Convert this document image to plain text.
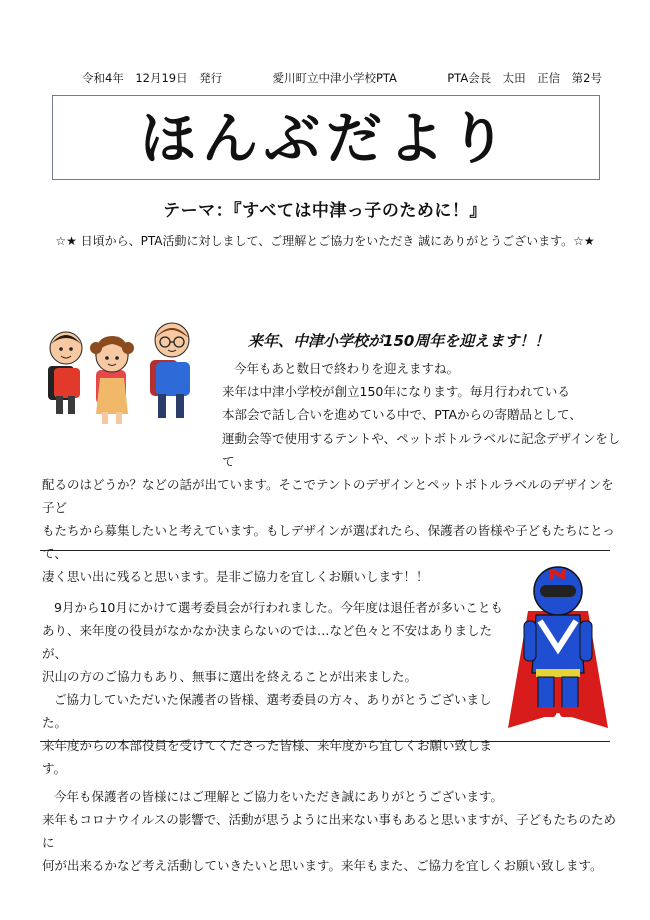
令和4年　12月19日　発行	愛川町立中津小学校PTA	PTA会長　太田　正信　第2号
ほんぶだより
テーマ：『すべては中津っ子のために！』
☆★ 日頃から、PTA活動に対しまして、ご理解とご協力をいただき 誠にありがとうございます。☆★
来年、中津小学校が150周年を迎えます！！
今年もあと数日で終わりを迎えますね。
来年は中津小学校が創立150年になります。毎月行われている
本部会で話し合いを進めている中で、PTAからの寄贈品として、
運動会等で使用するテントや、ペットボトルラベルに記念デザインをして
配るのはどうか？などの話が出ています。そこでテントのデザインとペットボトルラベルのデザインを子ど
もたちから募集したいと考えています。もしデザインが選ばれたら、保護者の皆様や子どもたちにとって、
凄く思い出に残ると思います。是非ご協力を宜しくお願いします！！
9月から10月にかけて選考委員会が行われました。今年度は退任者が多いことも
あり、来年度の役員がなかなか決まらないのでは…など色々と不安はありましたが、
沢山の方のご協力もあり、無事に選出を終えることが出来ました。
ご協力していただいた保護者の皆様、選考委員の方々、ありがとうございました。
来年度からの本部役員を受けてくださった皆様、来年度から宜しくお願い致します。
今年も保護者の皆様にはご理解とご協力をいただき誠にありがとうございます。
来年もコロナウイルスの影響で、活動が思うように出来ない事もあると思いますが、子どもたちのために
何が出来るかなど考え活動していきたいと思います。来年もまた、ご協力を宜しくお願い致します。
